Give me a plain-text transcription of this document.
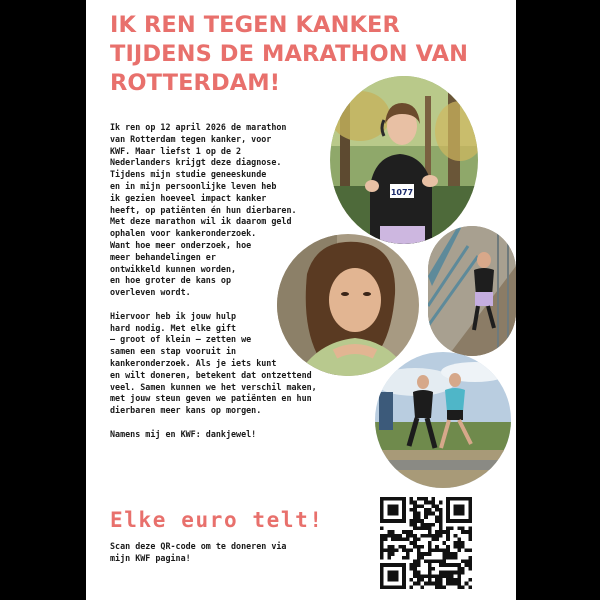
IK REN TEGEN KANKER
TIJDENS DE MARATHON VAN
ROTTERDAM!
Ik ren op 12 april 2026 de marathon
van Rotterdam tegen kanker, voor
KWF. Maar liefst 1 op de 2
Nederlanders krijgt deze diagnose.
Tijdens mijn studie geneeskunde
en in mijn persoonlijke leven heb
ik gezien hoeveel impact kanker
heeft, op patiënten én hun dierbaren.
Met deze marathon wil ik daarom geld
ophalen voor kankeronderzoek.
Want hoe meer onderzoek, hoe
meer behandelingen er
ontwikkeld kunnen worden,
en hoe groter de kans op
overleven wordt.
Hiervoor heb ik jouw hulp
hard nodig. Met elke gift
– groot of klein – zetten we
samen een stap vooruit in
kankeronderzoek. Als je iets kunt
en wilt doneren, betekent dat ontzettend
veel. Samen kunnen we het verschil maken,
met jouw steun geven we patiënten en hun
dierbaren meer kans op morgen.
Namens mij en KWF: dankjewel!
1077
Elke euro telt!
Scan deze QR-code om te doneren via
mijn KWF pagina!
